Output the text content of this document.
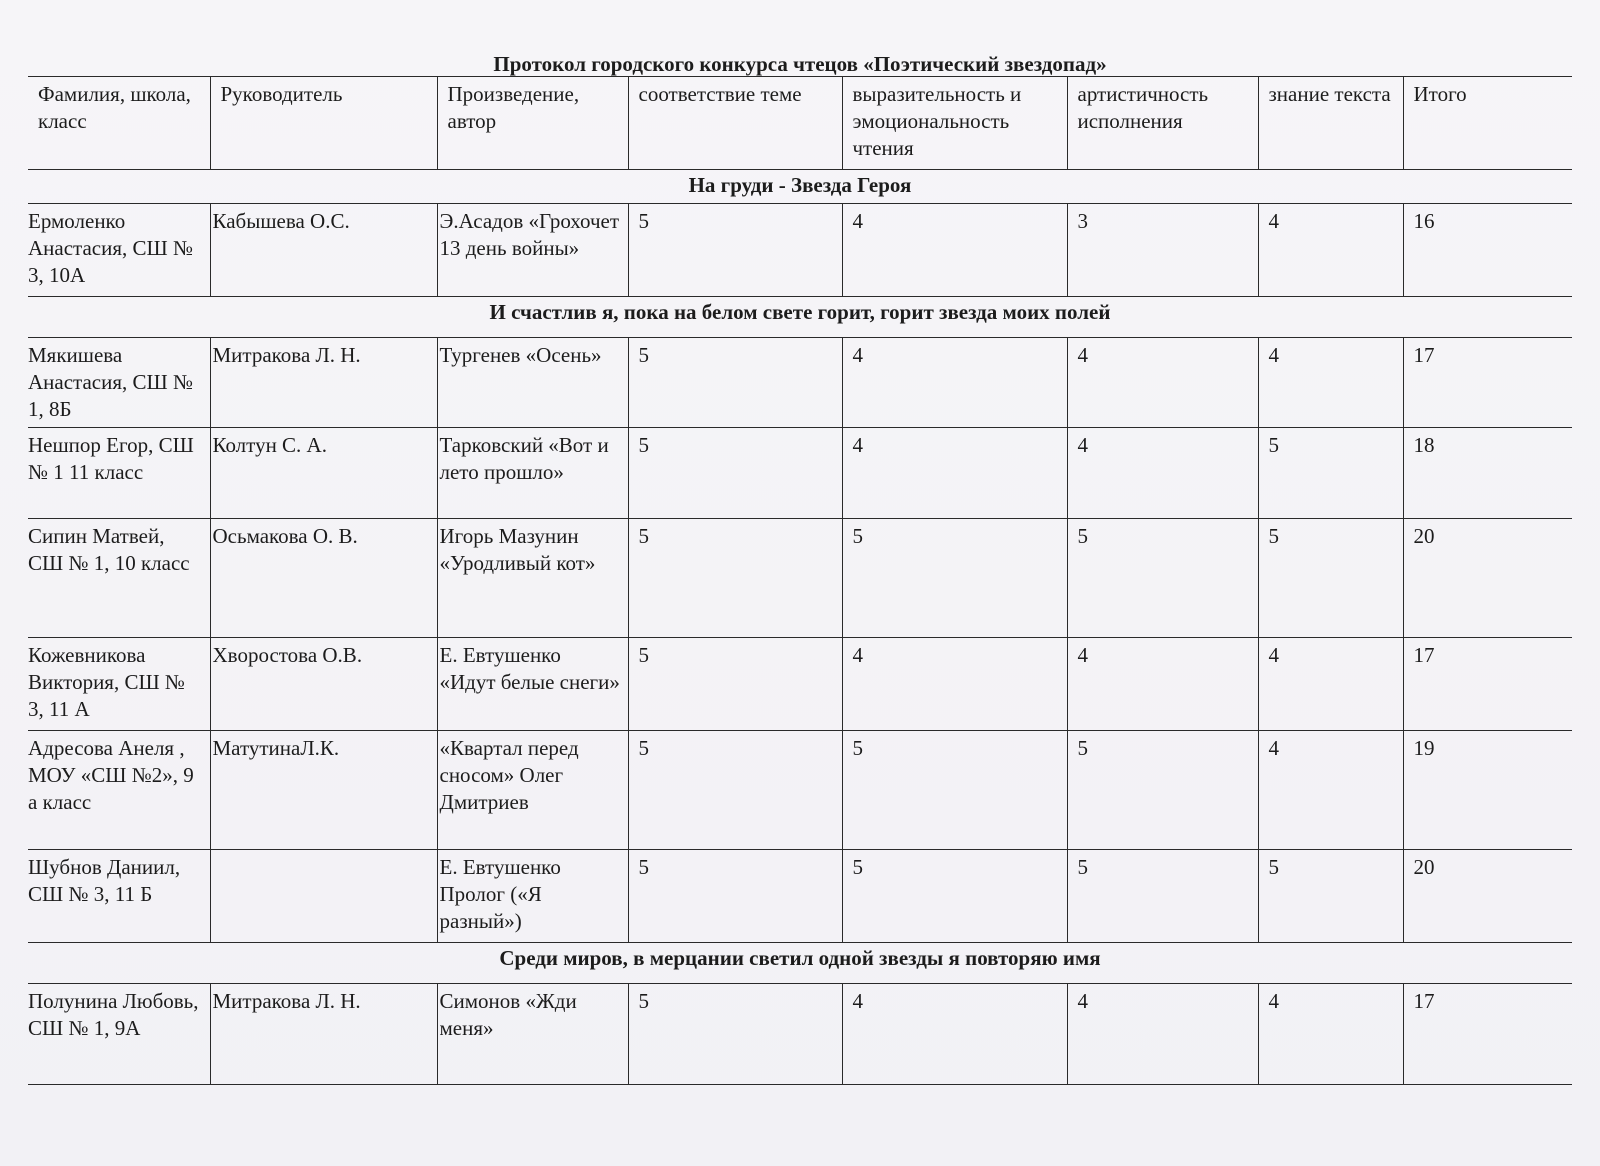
Протокол городского конкурса чтецов «Поэтический звездопад»
Фамилия, школа, класс	Руководитель	Произведение, автор	соответствие теме	выразительность и эмоциональность чтения	артистичность исполнения	знание текста	Итого
На груди - Звезда Героя							
Ермоленко Анастасия, СШ № 3, 10А	Кабышева О.С.	Э.Асадов «Грохочет 13 день войны»	5	4	3	4	16
И счастлив я, пока на белом свете горит, горит звезда моих полей							
Мякишева Анастасия, СШ № 1, 8Б	Митракова Л. Н.	Тургенев «Осень»	5	4	4	4	17
Нешпор Егор, СШ № 1 11 класс	Колтун С. А.	Тарковский «Вот и лето прошло»	5	4	4	5	18
Сипин Матвей, СШ № 1, 10 класс	Осьмакова О. В.	Игорь Мазунин «Уродливый кот»	5	5	5	5	20
Кожевникова Виктория, СШ № 3, 11 А	Хворостова О.В.	Е. Евтушенко «Идут белые снеги»	5	4	4	4	17
Адресова Анеля , МОУ «СШ №2», 9 а класс	МатутинаЛ.К.	«Квартал перед сносом» Олег Дмитриев	5	5	5	4	19
Шубнов Даниил, СШ № 3, 11 Б		Е. Евтушенко Пролог («Я разный»)	5	5	5	5	20
Среди миров, в мерцании светил одной звезды я повторяю имя							
Полунина Любовь, СШ № 1, 9А	Митракова Л. Н.	Симонов «Жди меня»	5	4	4	4	17
